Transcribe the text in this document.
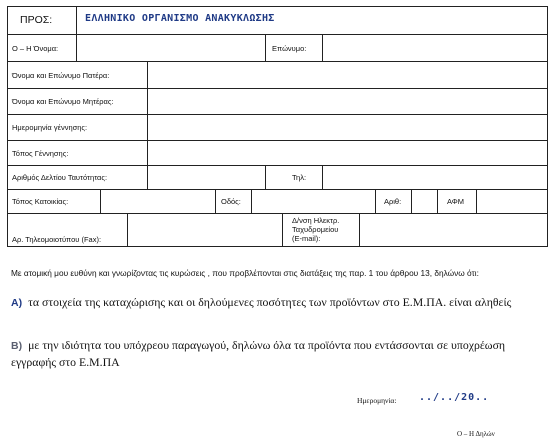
ΠΡΟΣ:	ΕΛΛΗΝΙΚΟ ΟΡΓΑΝΙΣΜΟ ΑΝΑΚΥΚΛΩΣΗΣ
Ο – Η Όνομα:	Επώνυμο:
Όνομα και Επώνυμο Πατέρα:
Όνομα και Επώνυμο Μητέρας:
Ημερομηνία γέννησης:
Τόπος Γέννησης:
Αριθμός Δελτίου Ταυτότητας:	Τηλ:
Τόπος Κατοικίας:	Οδός:	Αριθ:	ΑΦΜ
Αρ. Τηλεομοιοτύπου (Fax):
Δ/νση Ηλεκτρ.
Ταχυδρομείου
(E-mail):
Με ατομική μου ευθύνη και γνωρίζοντας τις κυρώσεις , που προβλέπονται στις διατάξεις της παρ. 1 του άρθρου 13, δηλώνω ότι:
Α) τα στοιχεία της καταχώρισης και οι δηλούμενες ποσότητες των προϊόντων στο Ε.Μ.ΠΑ. είναι αληθείς
Β) με την ιδιότητα του υπόχρεου παραγωγού, δηλώνω όλα τα προϊόντα που εντάσσονται σε υποχρέωση εγγραφής στο Ε.Μ.ΠΑ
Ημερομηνία: ../../20..
Ο – Η Δηλών
